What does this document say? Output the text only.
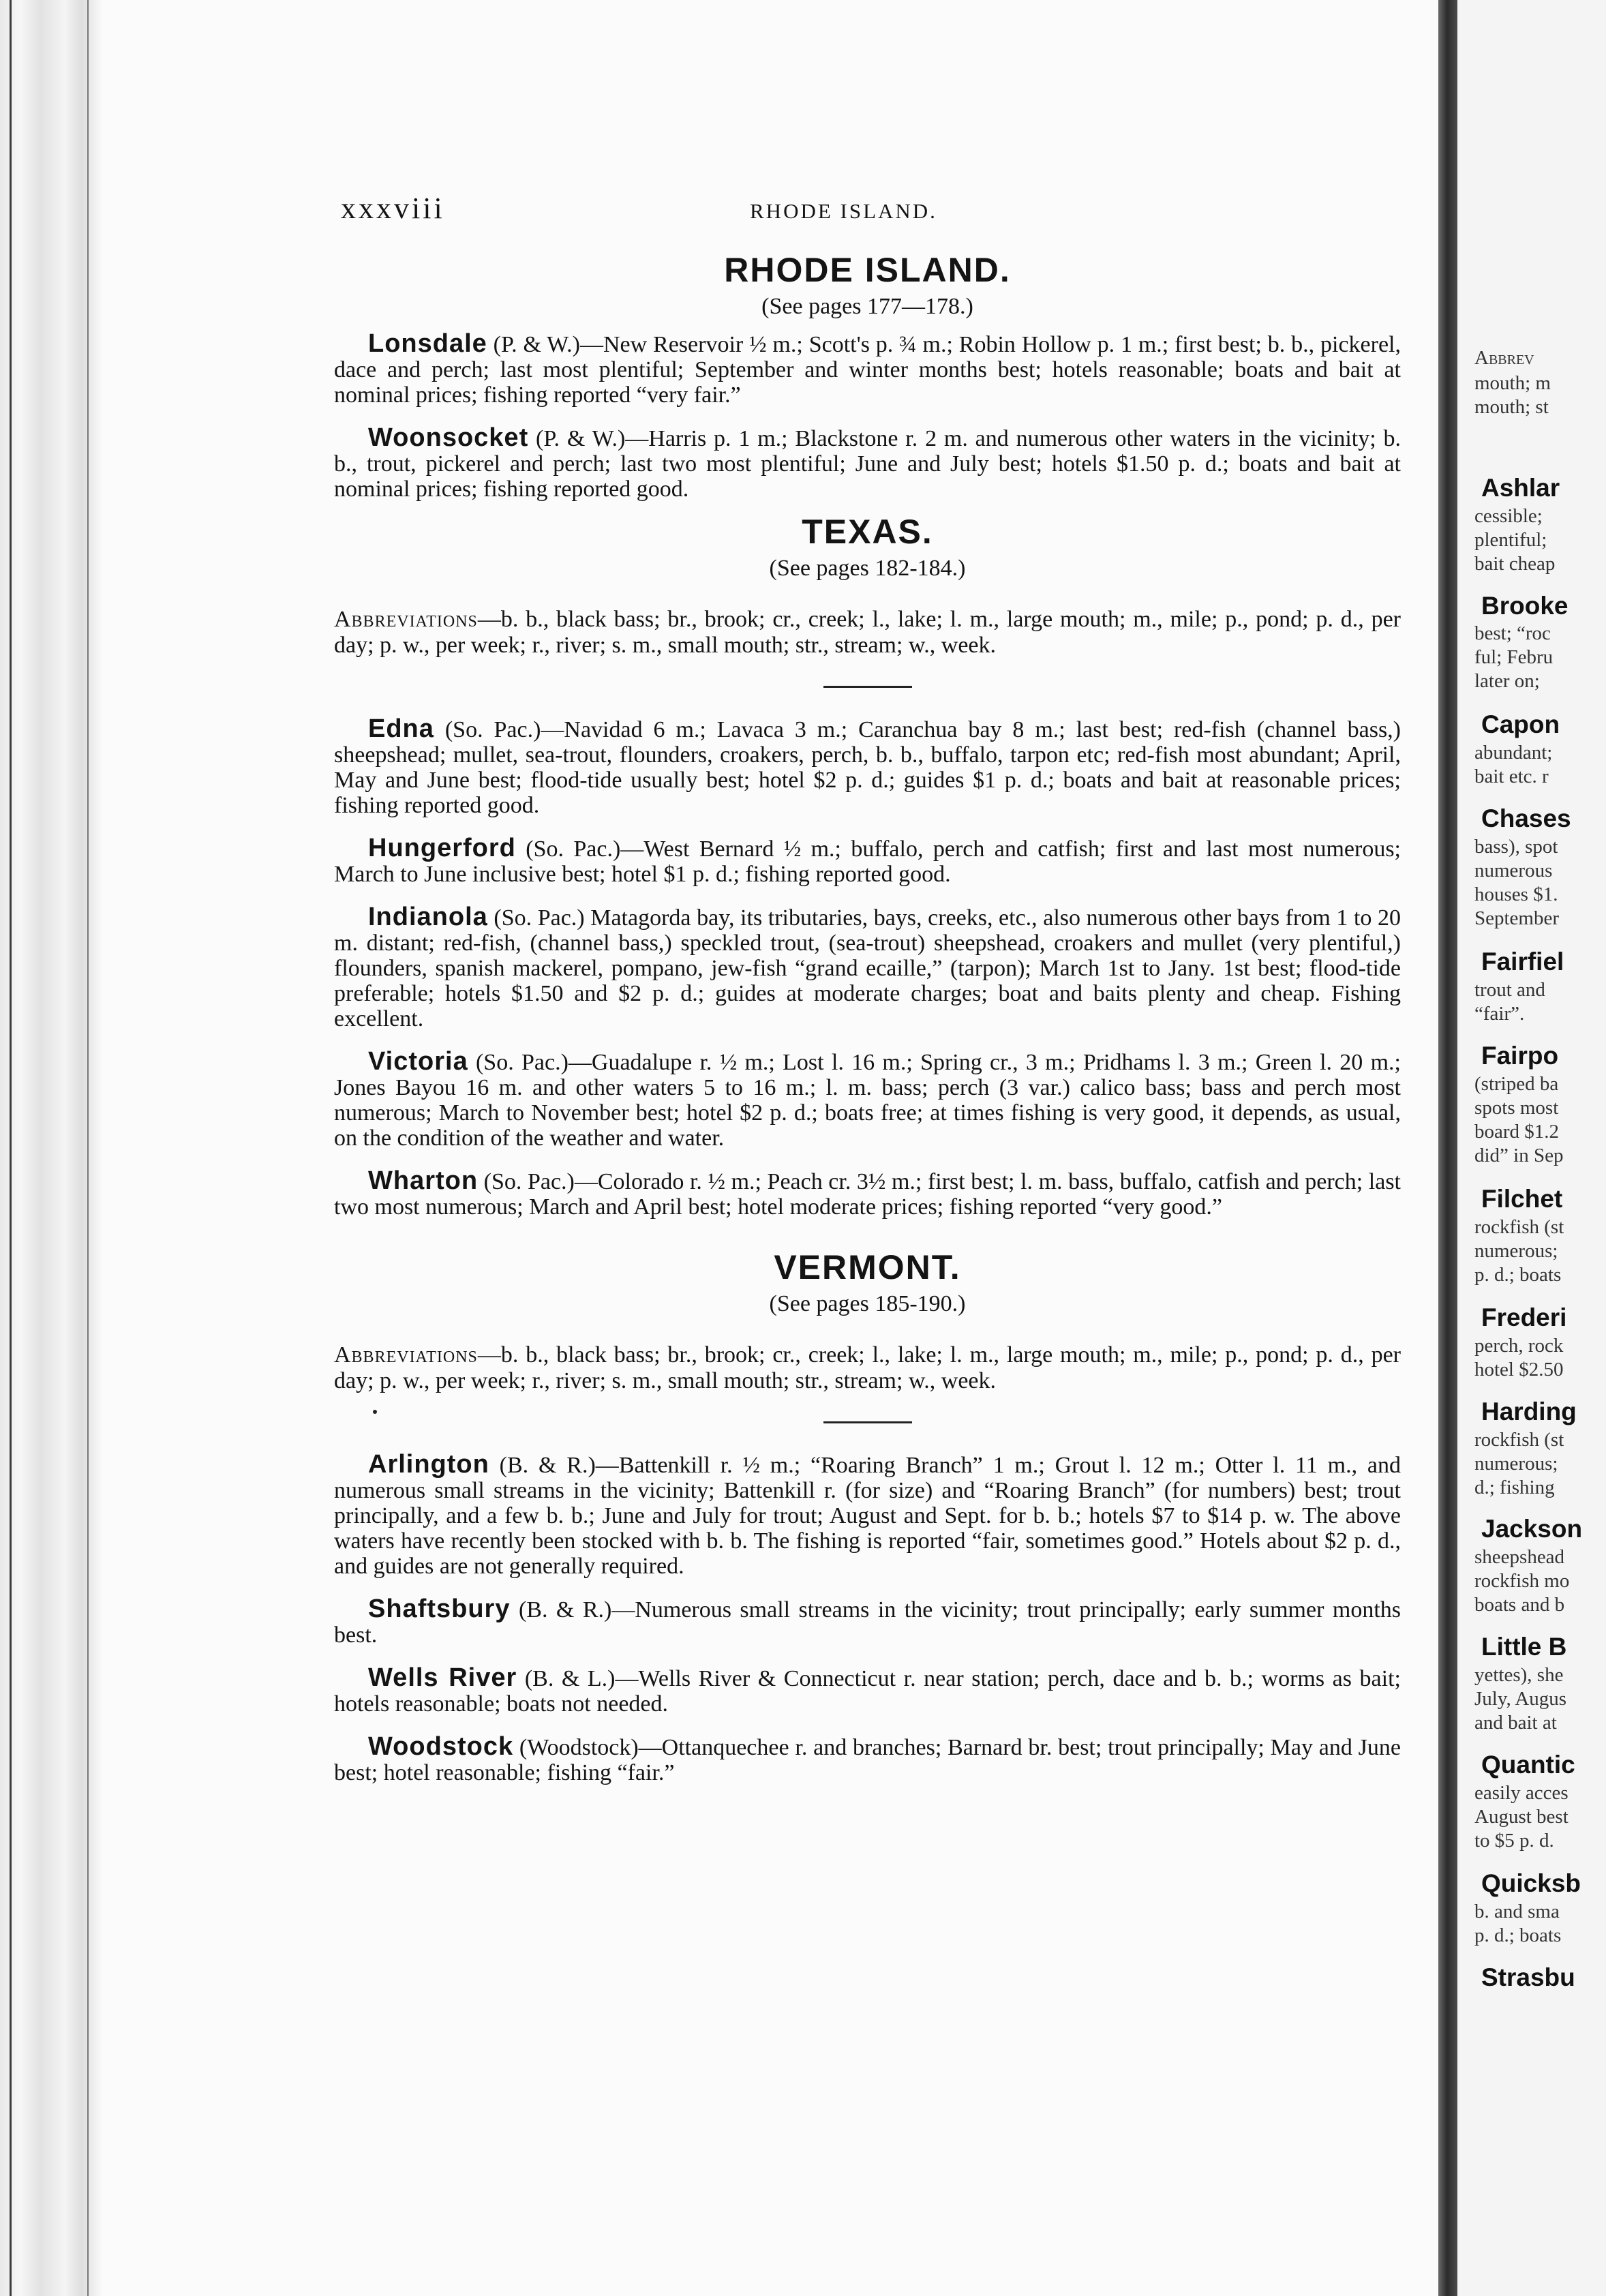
xxxviii	RHODE ISLAND.
RHODE ISLAND.
(See pages 177—178.)

Lonsdale (P. & W.)—New Reservoir ½ m.; Scott's p. ¾ m.; Robin Hollow p. 1 m.; first best; b. b., pickerel, dace and perch; last most plentiful; September and winter months best; hotels reasonable; boats and bait at nominal prices; fishing reported “very fair.”

Woonsocket (P. & W.)—Harris p. 1 m.; Blackstone r. 2 m. and numerous other waters in the vicinity; b. b., trout, pickerel and perch; last two most plentiful; June and July best; hotels $1.50 p. d.; boats and bait at nominal prices; fishing reported good.

TEXAS.
(See pages 182-184.)

Abbreviations—b. b., black bass; br., brook; cr., creek; l., lake; l. m., large mouth; m., mile; p., pond; p. d., per day; p. w., per week; r., river; s. m., small mouth; str., stream; w., week.

Edna (So. Pac.)—Navidad 6 m.; Lavaca 3 m.; Caranchua bay 8 m.; last best; red-fish (channel bass,) sheepshead; mullet, sea-trout, flounders, croakers, perch, b. b., buffalo, tarpon etc; red-fish most abundant; April, May and June best; flood-tide usually best; hotel $2 p. d.; guides $1 p. d.; boats and bait at reasonable prices; fishing reported good.

Hungerford (So. Pac.)—West Bernard ½ m.; buffalo, perch and catfish; first and last most numerous; March to June inclusive best; hotel $1 p. d.; fishing reported good.

Indianola (So. Pac.) Matagorda bay, its tributaries, bays, creeks, etc., also numerous other bays from 1 to 20 m. distant; red-fish, (channel bass,) speckled trout, (sea-trout) sheepshead, croakers and mullet (very plentiful,) flounders, spanish mackerel, pompano, jew-fish “grand ecaille,” (tarpon); March 1st to Jany. 1st best; flood-tide preferable; hotels $1.50 and $2 p. d.; guides at moderate charges; boat and baits plenty and cheap. Fishing excellent.

Victoria (So. Pac.)—Guadalupe r. ½ m.; Lost l. 16 m.; Spring cr., 3 m.; Pridhams l. 3 m.; Green l. 20 m.; Jones Bayou 16 m. and other waters 5 to 16 m.; l. m. bass; perch (3 var.) calico bass; bass and perch most numerous; March to November best; hotel $2 p. d.; boats free; at times fishing is very good, it depends, as usual, on the condition of the weather and water.

Wharton (So. Pac.)—Colorado r. ½ m.; Peach cr. 3½ m.; first best; l. m. bass, buffalo, catfish and perch; last two most numerous; March and April best; hotel moderate prices; fishing reported “very good.”

VERMONT.
(See pages 185-190.)

Abbreviations—b. b., black bass; br., brook; cr., creek; l., lake; l. m., large mouth; m., mile; p., pond; p. d., per day; p. w., per week; r., river; s. m., small mouth; str., stream; w., week.

Arlington (B. & R.)—Battenkill r. ½ m.; “Roaring Branch” 1 m.; Grout l. 12 m.; Otter l. 11 m., and numerous small streams in the vicinity; Battenkill r. (for size) and “Roaring Branch” (for numbers) best; trout principally, and a few b. b.; June and July for trout; August and Sept. for b. b.; hotels $7 to $14 p. w. The above waters have recently been stocked with b. b. The fishing is reported “fair, sometimes good.” Hotels about $2 p. d., and guides are not generally required.

Shaftsbury (B. & R.)—Numerous small streams in the vicinity; trout principally; early summer months best.

Wells River (B. & L.)—Wells River & Connecticut r. near station; perch, dace and b. b.; worms as bait; hotels reasonable; boats not needed.

Woodstock (Woodstock)—Ottanquechee r. and branches; Barnard br. best; trout principally; May and June best; hotel reasonable; fishing “fair.”

Abbrev
mouth; m
mouth; st
Ashlar
cessible;
plentiful;
bait cheap
Brooke
best; “roc
ful; Febru
later on;
Capon
abundant;
bait etc. r
Chases
bass), spot
numerous
houses $1.
September
Fairfiel
trout and
“fair”.
Fairpo
(striped ba
spots most
board $1.2
did” in Sep
Filchet
rockfish (st
numerous;
p. d.; boats
Frederi
perch, rock
hotel $2.50
Harding
rockfish (st
numerous;
d.; fishing
Jackson
sheepshead
rockfish mo
boats and b
Little B
yettes), she
July, Augus
and bait at
Quantic
easily acces
August best
to $5 p. d.
Quicksb
b. and sma
p. d.; boats
Strasbu
